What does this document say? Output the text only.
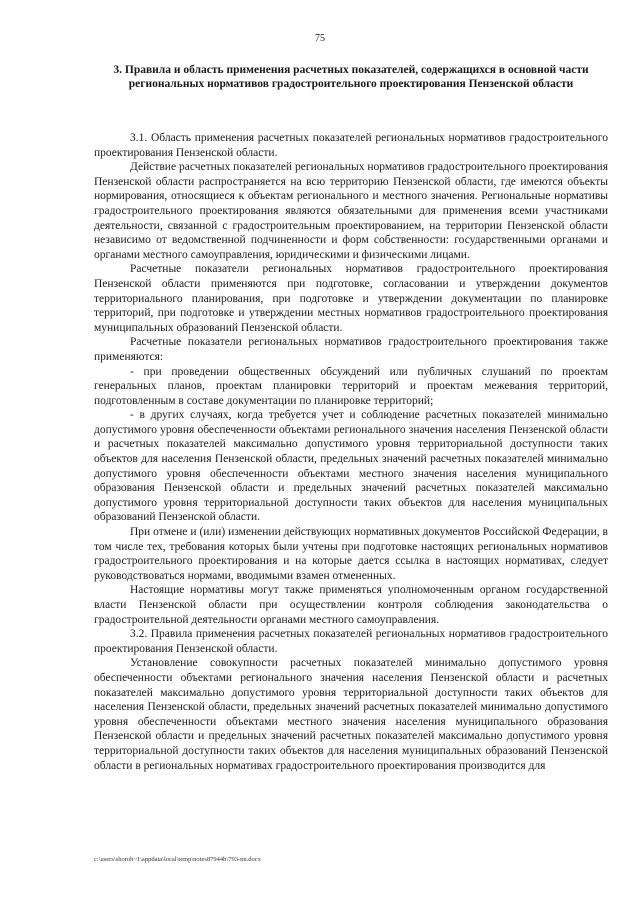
75
3. Правила и область применения расчетных показателей, содержащихся в основной части региональных нормативов градостроительного проектирования Пензенской области

3.1. Область применения расчетных показателей региональных нормативов градостроительного проектирования Пензенской области.

Действие расчетных показателей региональных нормативов градостроительного проектирования Пензенской области распространяется на всю территорию Пензенской области, где имеются объекты нормирования, относящиеся к объектам регионального и местного значения. Региональные нормативы градостроительного проектирования являются обязательными для применения всеми участниками деятельности, связанной с градостроительным проектированием, на территории Пензенской области независимо от ведомственной подчиненности и форм собственности: государственными органами и органами местного самоуправления, юридическими и физическими лицами.

Расчетные показатели региональных нормативов градостроительного проектирования Пензенской области применяются при подготовке, согласовании и утверждении документов территориального планирования, при подготовке и утверждении документации по планировке территорий, при подготовке и утверждении местных нормативов градостроительного проектирования муниципальных образований Пензенской области.

Расчетные показатели региональных нормативов градостроительного проектирования также применяются:

- при проведении общественных обсуждений или публичных слушаний по проектам генеральных планов, проектам планировки территорий и проектам межевания территорий, подготовленным в составе документации по планировке территорий;

- в других случаях, когда требуется учет и соблюдение расчетных показателей минимально допустимого уровня обеспеченности объектами регионального значения населения Пензенской области и расчетных показателей максимально допустимого уровня территориальной доступности таких объектов для населения Пензенской области, предельных значений расчетных показателей минимально допустимого уровня обеспеченности объектами местного значения населения муниципального образования Пензенской области и предельных значений расчетных показателей максимально допустимого уровня территориальной доступности таких объектов для населения муниципальных образований Пензенской области.

При отмене и (или) изменении действующих нормативных документов Российской Федерации, в том числе тех, требования которых были учтены при подготовке настоящих региональных нормативов градостроительного проектирования и на которые дается ссылка в настоящих нормативах, следует руководствоваться нормами, вводимыми взамен отмененных.

Настоящие нормативы могут также применяться уполномоченным органом государственной власти Пензенской области при осуществлении контроля соблюдения законодательства о градостроительной деятельности органами местного самоуправления.

3.2. Правила применения расчетных показателей региональных нормативов градостроительного проектирования Пензенской области.

Установление совокупности расчетных показателей минимально допустимого уровня обеспеченности объектами регионального значения населения Пензенской области и расчетных показателей максимально допустимого уровня территориальной доступности таких объектов для населения Пензенской области, предельных значений расчетных показателей минимально допустимого уровня обеспеченности объектами местного значения населения муниципального образования Пензенской области и предельных значений расчетных показателей максимально допустимого уровня территориальной доступности таких объектов для населения муниципальных образований Пензенской области в региональных нормативах градостроительного проектирования производится для

c:\users\shoroh~1\appdata\local\temp\notes87944b\793-nn.docx
